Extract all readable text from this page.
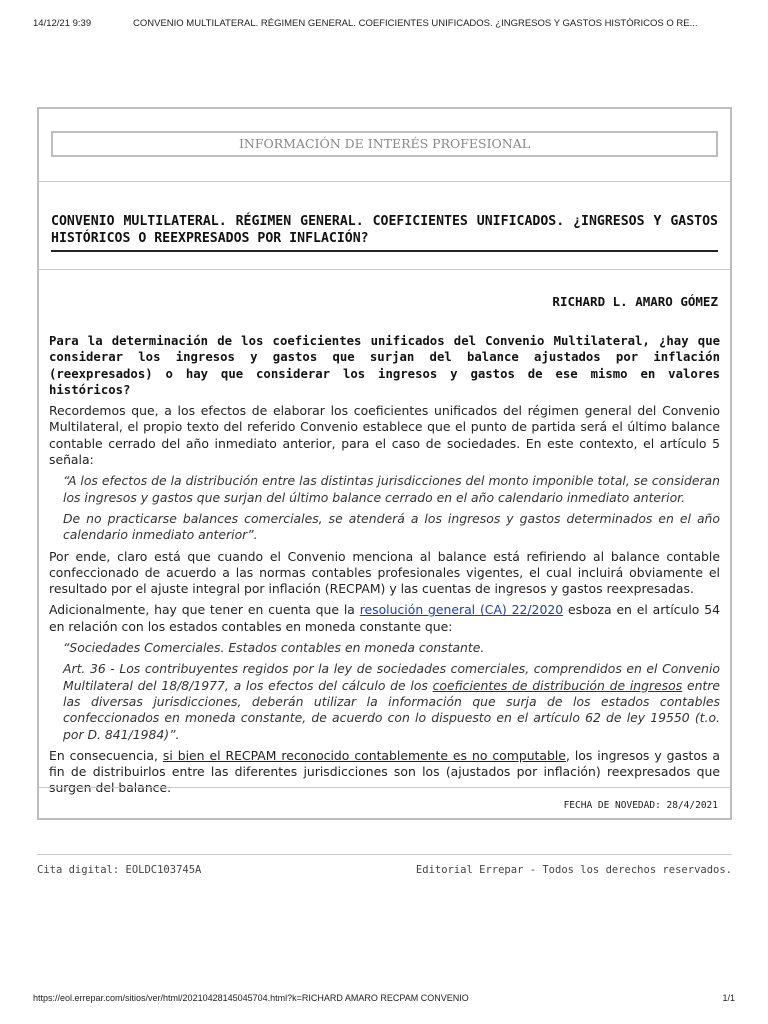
14/12/21 9:39	CONVENIO MULTILATERAL. RÉGIMEN GENERAL. COEFICIENTES UNIFICADOS. ¿INGRESOS Y GASTOS HISTÓRICOS O RE...
INFORMACIÓN DE INTERÉS PROFESIONAL
CONVENIO MULTILATERAL. RÉGIMEN GENERAL. COEFICIENTES UNIFICADOS. ¿INGRESOS Y GASTOS HISTÓRICOS O REEXPRESADOS POR INFLACIÓN?
RICHARD L. AMARO GÓMEZ

Para la determinación de los coeficientes unificados del Convenio Multilateral, ¿hay que considerar los ingresos y gastos que surjan del balance ajustados por inflación (reexpresados) o hay que considerar los ingresos y gastos de ese mismo en valores históricos?

Recordemos que, a los efectos de elaborar los coeficientes unificados del régimen general del Convenio Multilateral, el propio texto del referido Convenio establece que el punto de partida será el último balance contable cerrado del año inmediato anterior, para el caso de sociedades. En este contexto, el artículo 5 señala:

“A los efectos de la distribución entre las distintas jurisdicciones del monto imponible total, se consideran los ingresos y gastos que surjan del último balance cerrado en el año calendario inmediato anterior.

De no practicarse balances comerciales, se atenderá a los ingresos y gastos determinados en el año calendario inmediato anterior”.

Por ende, claro está que cuando el Convenio menciona al balance está refiriendo al balance contable confeccionado de acuerdo a las normas contables profesionales vigentes, el cual incluirá obviamente el resultado por el ajuste integral por inflación (RECPAM) y las cuentas de ingresos y gastos reexpresadas.

Adicionalmente, hay que tener en cuenta que la resolución general (CA) 22/2020 esboza en el artículo 54 en relación con los estados contables en moneda constante que:

“Sociedades Comerciales. Estados contables en moneda constante.

Art. 36 - Los contribuyentes regidos por la ley de sociedades comerciales, comprendidos en el Convenio Multilateral del 18/8/1977, a los efectos del cálculo de los coeficientes de distribución de ingresos entre las diversas jurisdicciones, deberán utilizar la información que surja de los estados contables confeccionados en moneda constante, de acuerdo con lo dispuesto en el artículo 62 de ley 19550 (t.o. por D. 841/1984)”.

En consecuencia, si bien el RECPAM reconocido contablemente es no computable, los ingresos y gastos a fin de distribuirlos entre las diferentes jurisdicciones son los (ajustados por inflación) reexpresados que surgen del balance.

FECHA DE NOVEDAD: 28/4/2021
Cita digital: EOLDC103745A	Editorial Errepar - Todos los derechos reservados.
https://eol.errepar.com/sitios/ver/html/20210428145045704.html?k=RICHARD AMARO RECPAM CONVENIO	1/1
